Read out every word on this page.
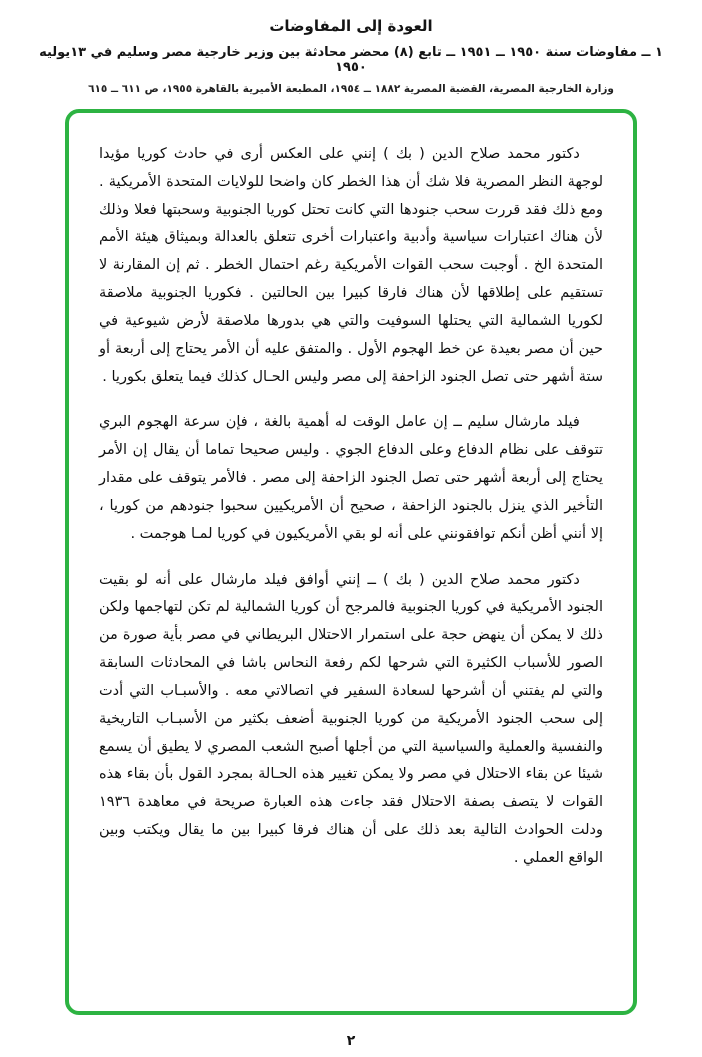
العودة إلى المفاوضات
١ ــ مفاوضات سنة ١٩٥٠ ــ ١٩٥١ ــ تابع (٨) محضر محادثة بين وزير خارجية مصر وسليم في ١٣يوليه ١٩٥٠
وزارة الخارجية المصرية، القضية المصرية ١٨٨٢ ــ ١٩٥٤، المطبعة الأميرية بالقاهرة ١٩٥٥، ص ٦١١ ــ ٦١٥

دكتور محمد صلاح الدين ( بك ) إنني على العكس أرى في حادث كوريا مؤيدا لوجهة النظر المصرية فلا شك أن هذا الخطر كان واضحا للولايات المتحدة الأمريكية . ومع ذلك فقد قررت سحب جنودها التي كانت تحتل كوريا الجنوبية وسحبتها فعلا وذلك لأن هناك اعتبارات سياسية وأدبية واعتبارات أخرى تتعلق بالعدالة وبميثاق هيئة الأمم المتحدة الخ . أوجبت سحب القوات الأمريكية رغم احتمال الخطر . ثم إن المقارنة لا تستقيم على إطلاقها لأن هناك فارقا كبيرا بين الحالتين . فكوريا الجنوبية ملاصقة لكوريا الشمالية التي يحتلها السوفيت والتي هي بدورها ملاصقة لأرض شيوعية في حين أن مصر بعيدة عن خط الهجوم الأول . والمتفق عليه أن الأمر يحتاج إلى أربعة أو ستة أشهر حتى تصل الجنود الزاحفة إلى مصر وليس الحـال كذلك فيما يتعلق بكوريا .

فيلد مارشال سليم ــ إن عامل الوقت له أهمية بالغة ، فإن سرعة الهجوم البري تتوقف على نظام الدفاع وعلى الدفاع الجوي . وليس صحيحا تماما أن يقال إن الأمر يحتاج إلى أربعة أشهر حتى تصل الجنود الزاحفة إلى مصر . فالأمر يتوقف على مقدار التأخير الذي ينزل بالجنود الزاحفة ، صحيح أن الأمريكيين سحبوا جنودهم من كوريا ، إلا أنني أظن أنكم توافقونني على أنه لو بقي الأمريكيون في كوريا لمـا هوجمت .

دكتور محمد صلاح الدين ( بك ) ــ إنني أوافق فيلد مارشال على أنه لو بقيت الجنود الأمريكية في كوريا الجنوبية فالمرجح أن كوريا الشمالية لم تكن لتهاجمها ولكن ذلك لا يمكن أن ينهض حجة على استمرار الاحتلال البريطاني في مصر بأية صورة من الصور للأسباب الكثيرة التي شرحها لكم رفعة النحاس باشا في المحادثات السابقة والتي لم يفتني أن أشرحها لسعادة السفير في اتصالاتي معه . والأسبـاب التي أدت إلى سحب الجنود الأمريكية من كوريا الجنوبية أضعف بكثير من الأسبـاب التاريخية والنفسية والعملية والسياسية التي من أجلها أصبح الشعب المصري لا يطيق أن يسمع شيئا عن بقاء الاحتلال في مصر ولا يمكن تغيير هذه الحـالة بمجرد القول بأن بقاء هذه القوات لا يتصف بصفة الاحتلال فقد جاءت هذه العبارة صريحة في معاهدة ١٩٣٦ ودلت الحوادث التالية بعد ذلك على أن هناك فرقا كبيرا بين ما يقال ويكتب وبين الواقع العملي .

٢
